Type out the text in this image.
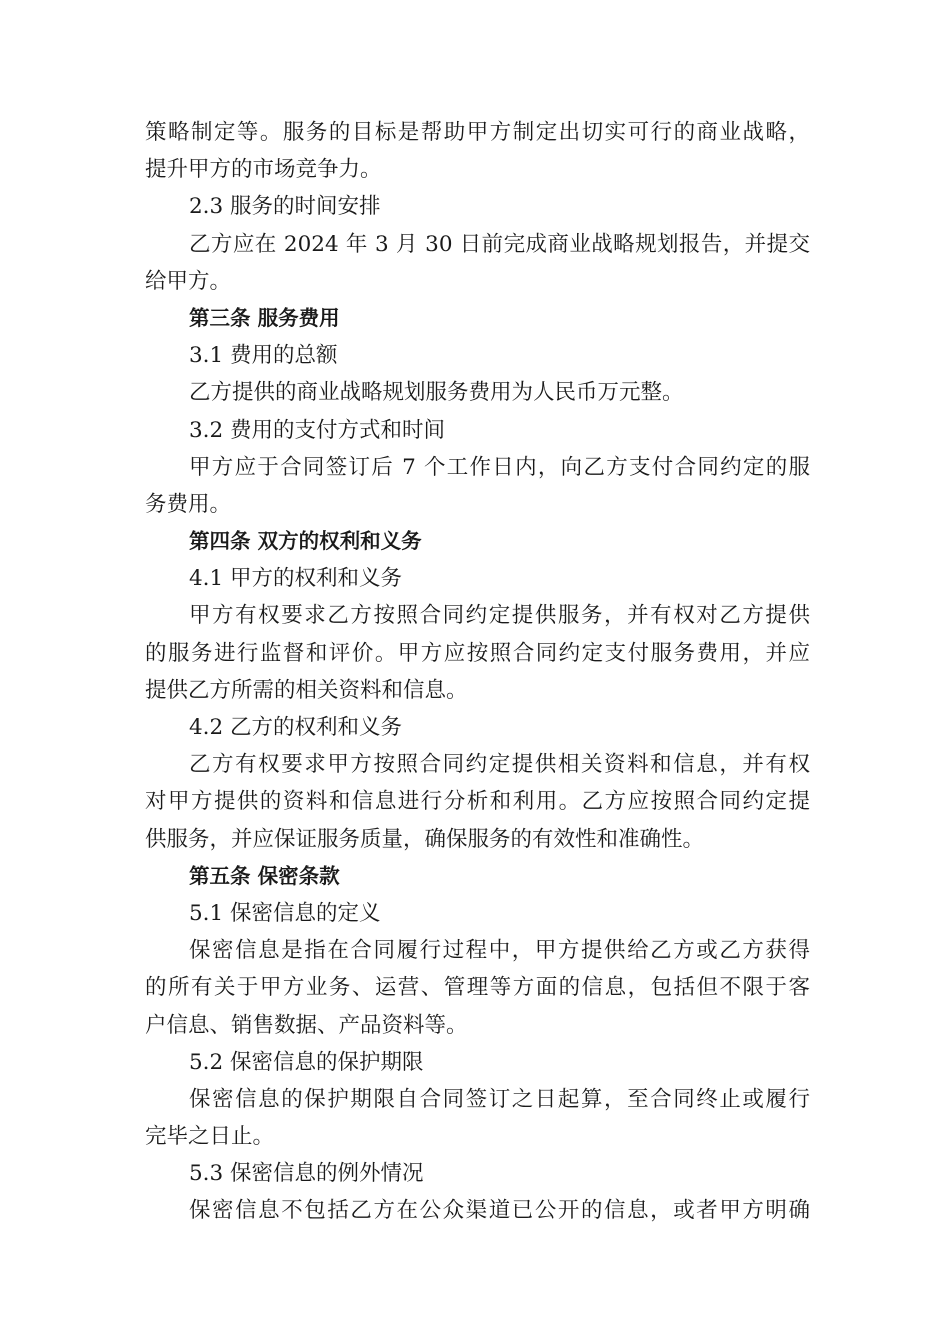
策略制定等。服务的目标是帮助甲方制定出切实可行的商业战略，
提升甲方的市场竞争力。
2.3 服务的时间安排
乙方应在 2024 年 3 月 30 日前完成商业战略规划报告，并提交
给甲方。
第三条 服务费用
3.1 费用的总额
乙方提供的商业战略规划服务费用为人民币万元整。
3.2 费用的支付方式和时间
甲方应于合同签订后 7 个工作日内，向乙方支付合同约定的服
务费用。
第四条 双方的权利和义务
4.1 甲方的权利和义务
甲方有权要求乙方按照合同约定提供服务，并有权对乙方提供
的服务进行监督和评价。甲方应按照合同约定支付服务费用，并应
提供乙方所需的相关资料和信息。
4.2 乙方的权利和义务
乙方有权要求甲方按照合同约定提供相关资料和信息，并有权
对甲方提供的资料和信息进行分析和利用。乙方应按照合同约定提
供服务，并应保证服务质量，确保服务的有效性和准确性。
第五条 保密条款
5.1 保密信息的定义
保密信息是指在合同履行过程中，甲方提供给乙方或乙方获得
的所有关于甲方业务、运营、管理等方面的信息，包括但不限于客
户信息、销售数据、产品资料等。
5.2 保密信息的保护期限
保密信息的保护期限自合同签订之日起算，至合同终止或履行
完毕之日止。
5.3 保密信息的例外情况
保密信息不包括乙方在公众渠道已公开的信息，或者甲方明确
